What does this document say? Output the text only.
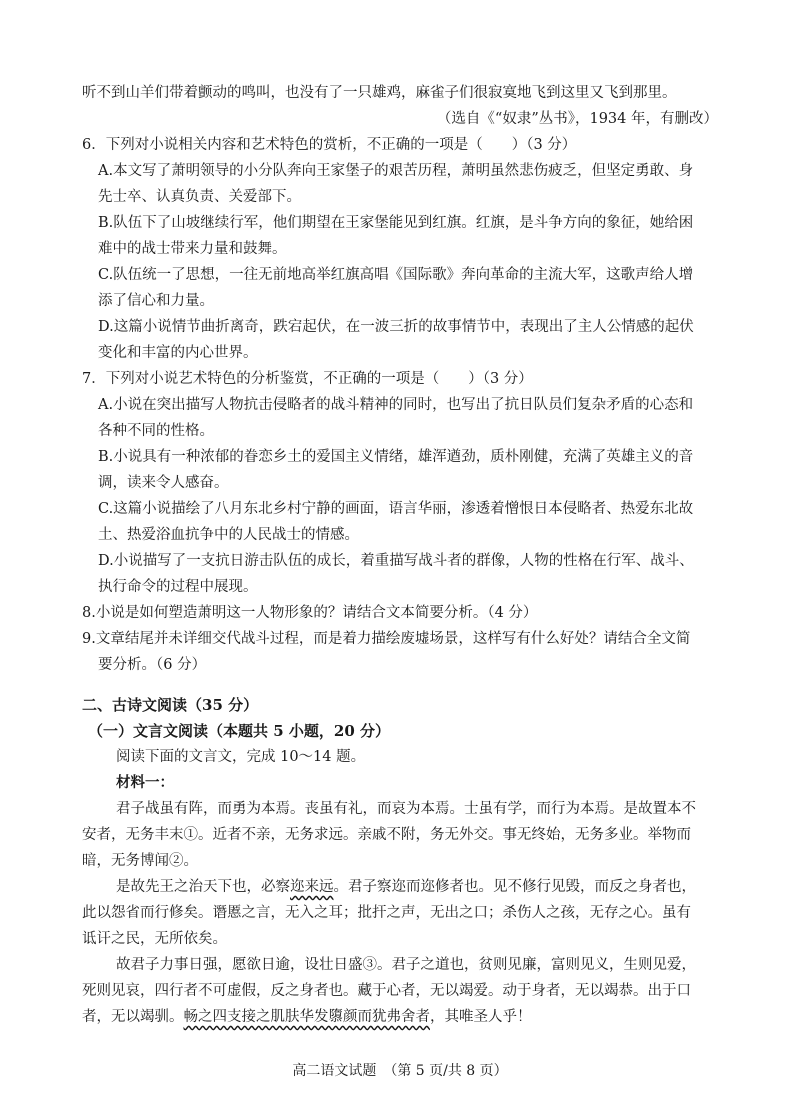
听不到山羊们带着颤动的鸣叫，也没有了一只雄鸡，麻雀子们很寂寞地飞到这里又飞到那里。
（选自《“奴隶”丛书》，1934 年，有删改）
6．下列对小说相关内容和艺术特色的赏析，不正确的一项是（　　）（3 分）
A.本文写了萧明领导的小分队奔向王家堡子的艰苦历程，萧明虽然悲伤疲乏，但坚定勇敢、身
先士卒、认真负责、关爱部下。
B.队伍下了山坡继续行军，他们期望在王家堡能见到红旗。红旗，是斗争方向的象征，她给困
难中的战士带来力量和鼓舞。
C.队伍统一了思想，一往无前地高举红旗高唱《国际歌》奔向革命的主流大军，这歌声给人增
添了信心和力量。
D.这篇小说情节曲折离奇，跌宕起伏，在一波三折的故事情节中，表现出了主人公情感的起伏
变化和丰富的内心世界。
7．下列对小说艺术特色的分析鉴赏，不正确的一项是（　　）（3 分）
A.小说在突出描写人物抗击侵略者的战斗精神的同时，也写出了抗日队员们复杂矛盾的心态和
各种不同的性格。
B.小说具有一种浓郁的眷恋乡土的爱国主义情绪，雄浑遒劲，质朴刚健，充满了英雄主义的音
调，读来令人感奋。
C.这篇小说描绘了八月东北乡村宁静的画面，语言华丽，渗透着憎恨日本侵略者、热爱东北故
土、热爱浴血抗争中的人民战士的情感。
D.小说描写了一支抗日游击队伍的成长，着重描写战斗者的群像，人物的性格在行军、战斗、
执行命令的过程中展现。
8.小说是如何塑造萧明这一人物形象的？请结合文本简要分析。（4 分）
9.文章结尾并未详细交代战斗过程，而是着力描绘废墟场景，这样写有什么好处？请结合全文简
要分析。（6 分）
二、古诗文阅读（35 分）
（一）文言文阅读（本题共 5 小题，20 分）
阅读下面的文言文，完成 10～14 题。
材料一：
君子战虽有阵，而勇为本焉。丧虽有礼，而哀为本焉。士虽有学，而行为本焉。是故置本不
安者，无务丰末①。近者不亲，无务求远。亲戚不附，务无外交。事无终始，无务多业。举物而
暗，无务博闻②。
是故先王之治天下也，必察迩来远。君子察迩而迩修者也。见不修行见毁，而反之身者也，
此以怨省而行修矣。谮慝之言，无入之耳；批扞之声，无出之口；杀伤人之孩，无存之心。虽有
诋讦之民，无所依矣。
故君子力事日强，愿欲日逾，设壮日盛③。君子之道也，贫则见廉，富则见义，生则见爱，
死则见哀，四行者不可虚假，反之身者也。藏于心者，无以竭爱。动于身者，无以竭恭。出于口
者，无以竭驯。畅之四支接之肌肤华发隳颜而犹弗舍者，其唯圣人乎！
高二语文试题　 （第 5 页/共 8 页）
